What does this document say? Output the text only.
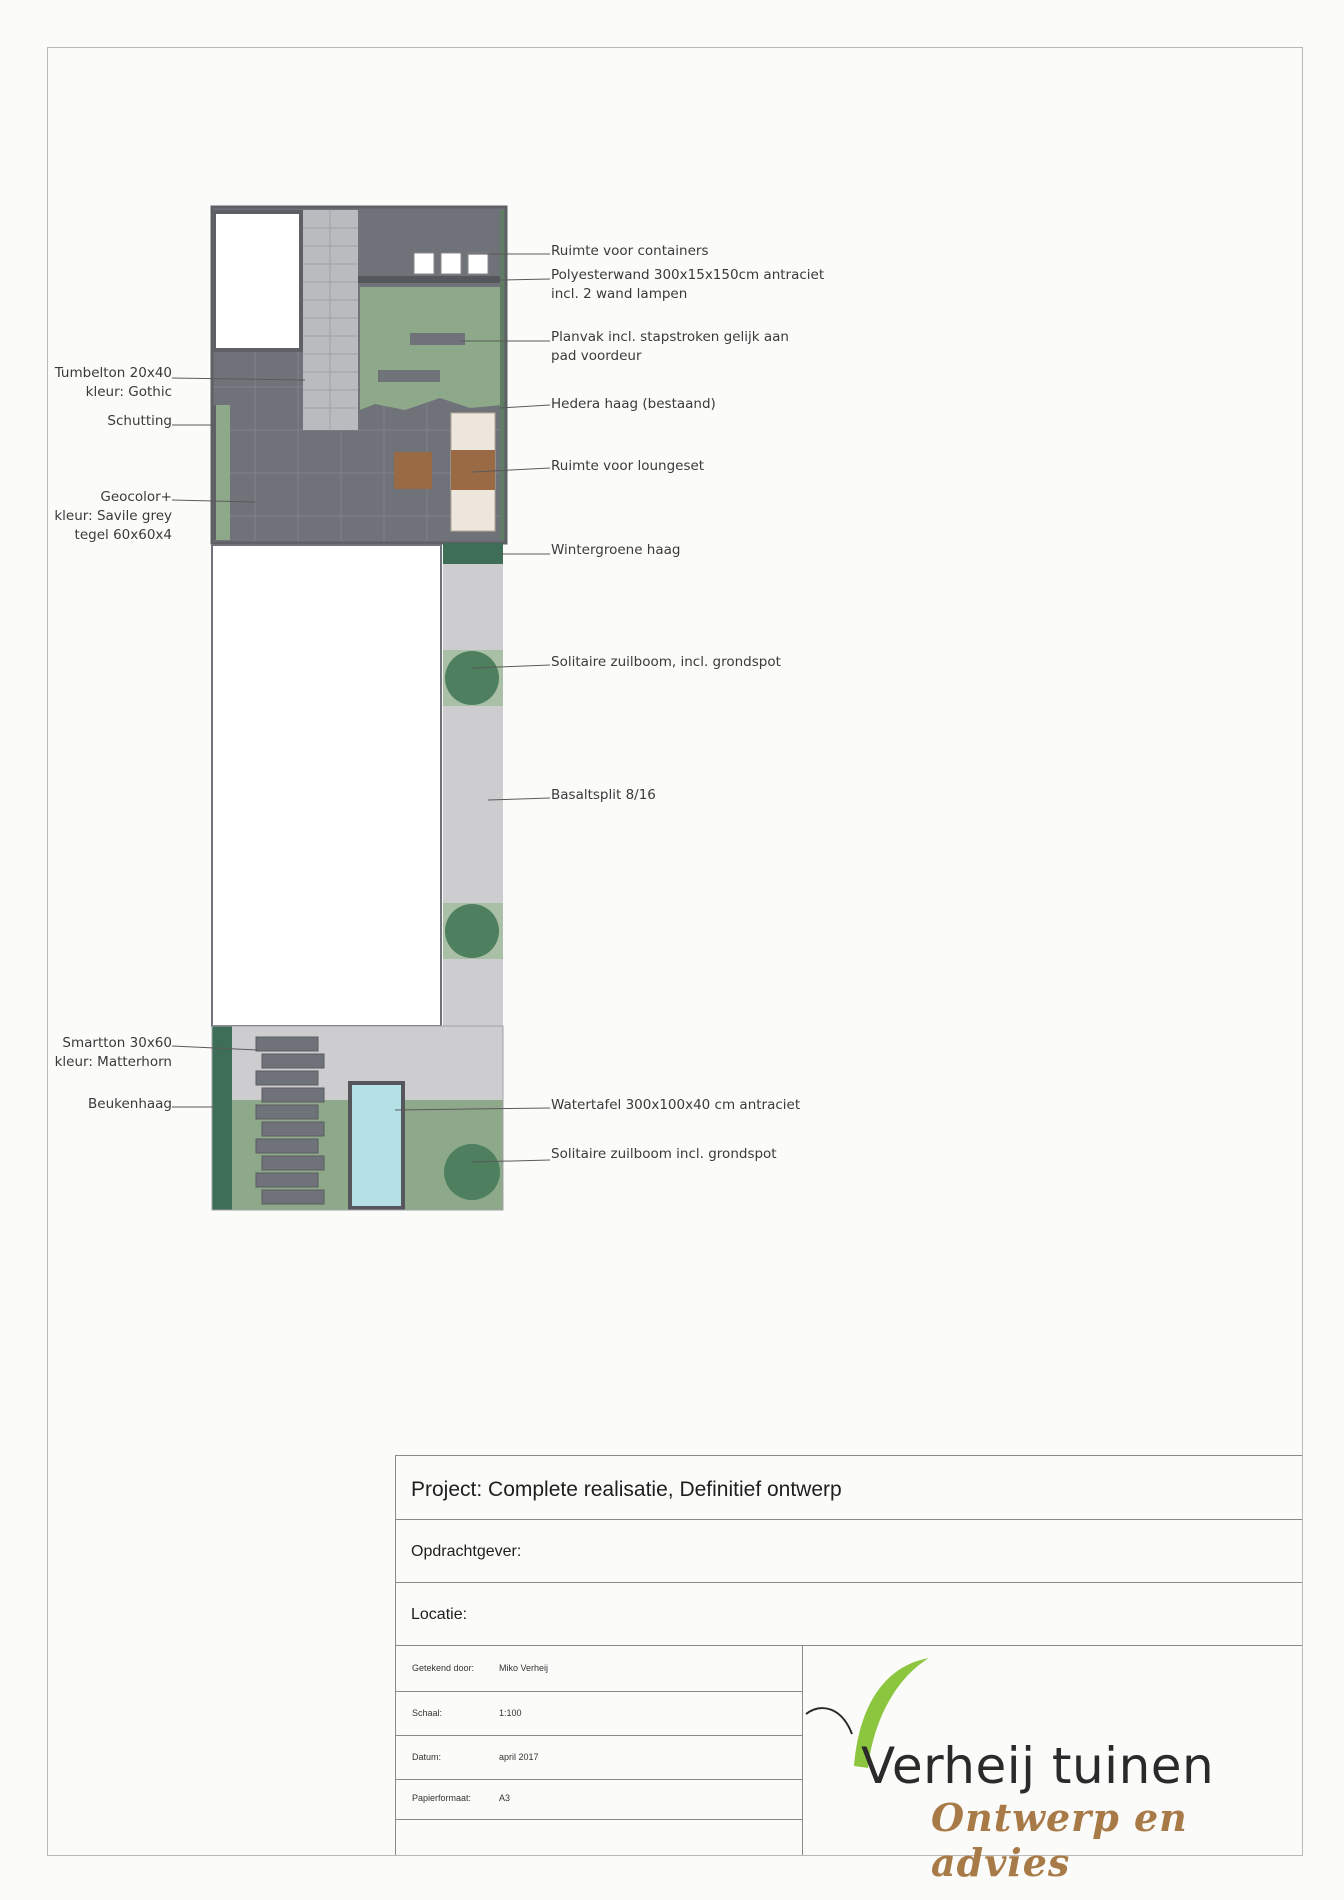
Ruimte voor containers
Polyesterwand 300x15x150cm antraciet
incl. 2 wand lampen
Planvak incl. stapstroken gelijk aan
pad voordeur
Hedera haag (bestaand)
Ruimte voor loungeset
Wintergroene haag
Solitaire zuilboom, incl. grondspot
Basaltsplit 8/16
Watertafel 300x100x40 cm antraciet
Solitaire zuilboom incl. grondspot
Tumbelton 20x40
kleur: Gothic
Schutting
Geocolor+
kleur: Savile grey
tegel 60x60x4
Smartton 30x60
kleur: Matterhorn
Beukenhaag
Project: Complete realisatie, Definitief ontwerp
Opdrachtgever:
Locatie:
Getekend door:	Miko Verheij
Schaal:	1:100
Datum:	april 2017
Papierformaat:	A3
Verheij tuinen
Ontwerp en advies
